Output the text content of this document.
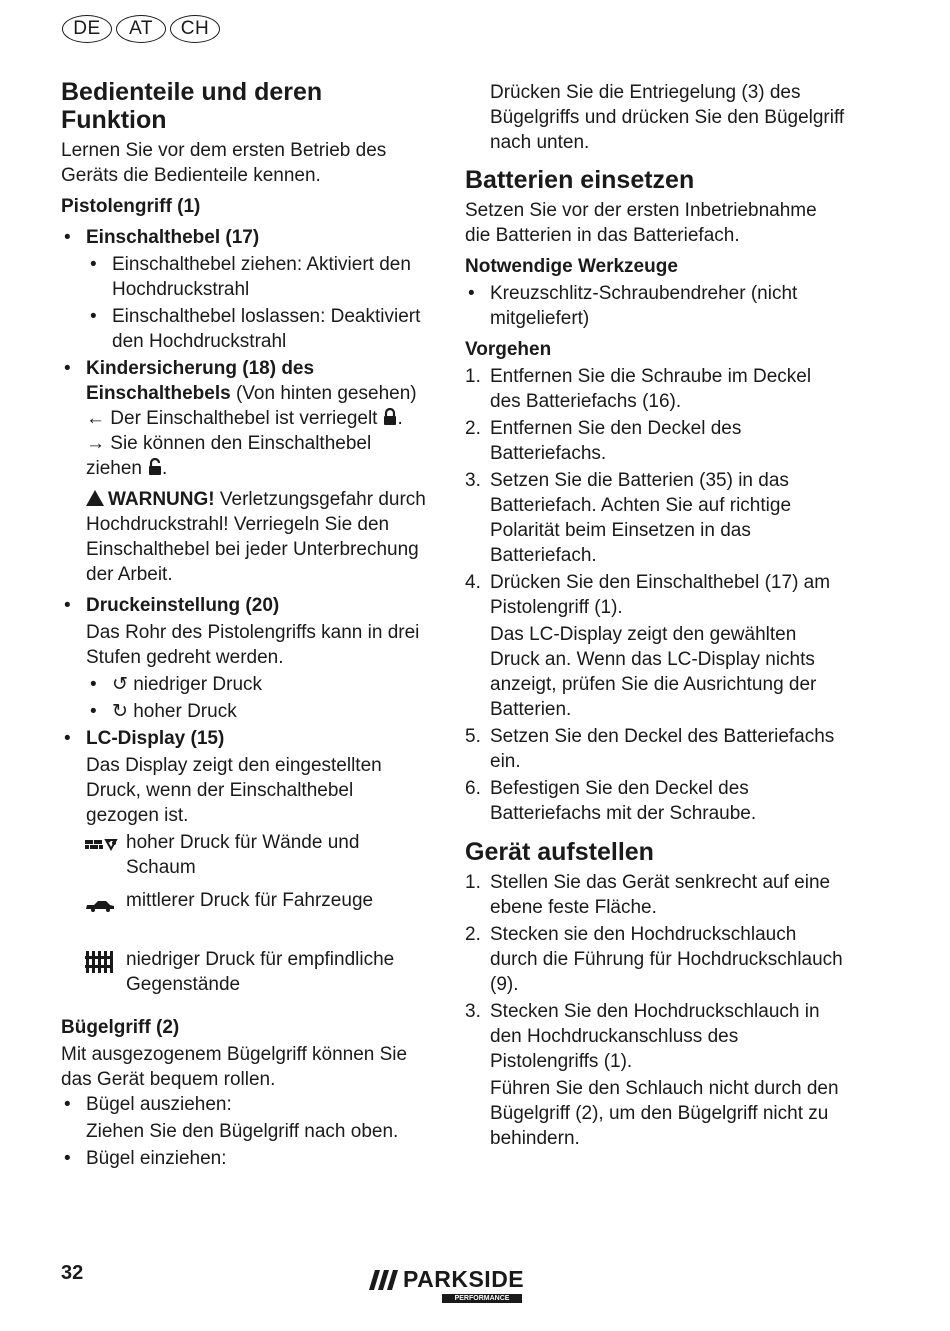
DE	AT	CH
Bedienteile und deren Funktion

Lernen Sie vor dem ersten Betrieb des Geräts die Bedienteile kennen.

Pistolengriff (1)
• Einschalthebel (17)
• Einschalthebel ziehen: Aktiviert den Hochdruckstrahl
• Einschalthebel loslassen: Deaktiviert den Hochdruckstrahl
• Kindersicherung (18) des Einschalthebels (Von hinten gesehen)
← Der Einschalthebel ist verriegelt .
→ Sie können den Einschalthebel ziehen .
WARNUNG! Verletzungsgefahr durch Hochdruckstrahl! Verriegeln Sie den Einschalthebel bei jeder Unterbrechung der Arbeit.
• Druckeinstellung (20)
Das Rohr des Pistolengriffs kann in drei Stufen gedreht werden.
• ↺ niedriger Druck
• ↻ hoher Druck
• LC-Display (15)
Das Display zeigt den eingestellten Druck, wenn der Einschalthebel gezogen ist.
hoher Druck für Wände und Schaum
mittlerer Druck für Fahrzeuge
niedriger Druck für empfindliche Gegenstände
Bügelgriff (2)

Mit ausgezogenem Bügelgriff können Sie das Gerät bequem rollen.

• Bügel ausziehen:
Ziehen Sie den Bügelgriff nach oben.
• Bügel einziehen:
Drücken Sie die Entriegelung (3) des Bügelgriffs und drücken Sie den Bügelgriff nach unten.
Batterien einsetzen

Setzen Sie vor der ersten Inbetriebnahme die Batterien in das Batteriefach.

Notwendige Werkzeuge
• Kreuzschlitz-Schraubendreher (nicht mitgeliefert)
Vorgehen
1. Entfernen Sie die Schraube im Deckel des Batteriefachs (16).
2. Entfernen Sie den Deckel des Batteriefachs.
3. Setzen Sie die Batterien (35) in das Batteriefach. Achten Sie auf richtige Polarität beim Einsetzen in das Batteriefach.
4. Drücken Sie den Einschalthebel (17) am Pistolengriff (1).
Das LC-Display zeigt den gewählten Druck an. Wenn das LC-Display nichts anzeigt, prüfen Sie die Ausrichtung der Batterien.
5. Setzen Sie den Deckel des Batteriefachs ein.
6. Befestigen Sie den Deckel des Batteriefachs mit der Schraube.
Gerät aufstellen
1. Stellen Sie das Gerät senkrecht auf eine ebene feste Fläche.
2. Stecken sie den Hochdruckschlauch durch die Führung für Hochdruckschlauch (9).
3. Stecken Sie den Hochdruckschlauch in den Hochdruckanschluss des Pistolengriffs (1).
Führen Sie den Schlauch nicht durch den Bügelgriff (2), um den Bügelgriff nicht zu behindern.
32	PARKSIDE
PERFORMANCE
